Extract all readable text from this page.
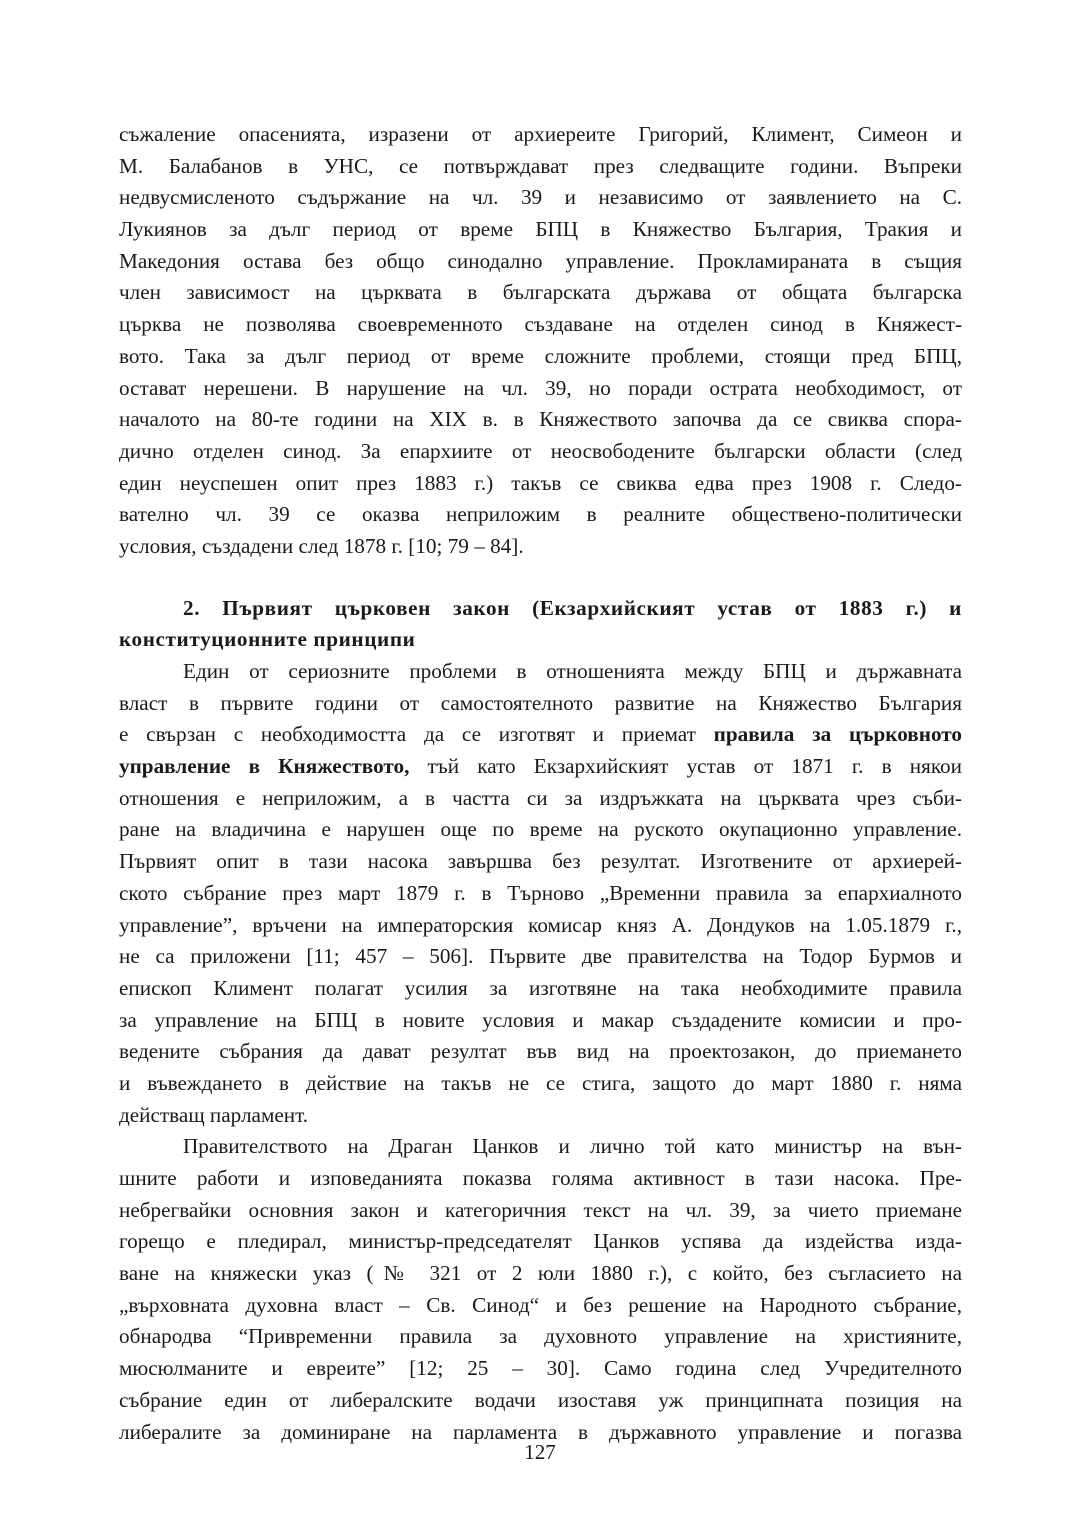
съжаление опасенията, изразени от архиереите Григорий, Климент, Симеон и
М. Балабанов в УНС, се потвърждават през следващите години. Въпреки
недвусмисленото съдържание на чл. 39 и независимо от заявлението на С.
Лукиянов за дълг период от време БПЦ в Княжество България, Тракия и
Македония остава без общо синодално управление. Прокламираната в същия
член зависимост на църквата в българската държава от общата българска
църква не позволява своевременното създаване на отделен синод в Княжест-
вото. Така за дълг период от време сложните проблеми, стоящи пред БПЦ,
остават нерешени. В нарушение на чл. 39, но поради острата необходимост, от
началото на 80-те години на XIX в. в Княжеството започва да се свиква спора-
дично отделен синод. За епархиите от неосвободените български области (след
един неуспешен опит през 1883 г.) такъв се свиква едва през 1908 г. Следо-
вателно чл. 39 се оказва неприложим в реалните обществено-политически
условия, създадени след 1878 г. [10; 79 – 84].
2. Първият църковен закон (Екзархийският устав от 1883 г.) и
конституционните принципи
Един от сериозните проблеми в отношенията между БПЦ и държавната
власт в първите години от самостоятелното развитие на Княжество България
е свързан с необходимостта да се изготвят и приемат правила за църковното
управление в Княжеството, тъй като Екзархийският устав от 1871 г. в някои
отношения е неприложим, а в частта си за издръжката на църквата чрез съби-
ране на владичина е нарушен още по време на руското окупационно управление.
Първият опит в тази насока завършва без резултат. Изготвените от архиерей-
ското събрание през март 1879 г. в Търново „Временни правила за епархиалното
управление”, връчени на императорския комисар княз А. Дондуков на 1.05.1879 г.,
не са приложени [11; 457 – 506]. Първите две правителства на Тодор Бурмов и
епископ Климент полагат усилия за изготвяне на така необходимите правила
за управление на БПЦ в новите условия и макар създадените комисии и про-
ведените събрания да дават резултат във вид на проектозакон, до приемането
и въвеждането в действие на такъв не се стига, защото до март 1880 г. няма
действащ парламент.
Правителството на Драган Цанков и лично той като министър на вън-
шните работи и изповеданията показва голяма активност в тази насока. Пре-
небрегвайки основния закон и категоричния текст на чл. 39, за чието приемане
горещо е пледирал, министър-председателят Цанков успява да издейства изда-
ване на княжески указ (№ 321 от 2 юли 1880 г.), с който, без съгласието на
„върховната духовна власт – Св. Синод“ и без решение на Народното събрание,
обнародва “Привременни правила за духовното управление на християните,
мюсюлманите и евреите” [12; 25 – 30]. Само година след Учредителното
събрание един от либералските водачи изоставя уж принципната позиция на
либералите за доминиране на парламента в държавното управление и погазва
127
